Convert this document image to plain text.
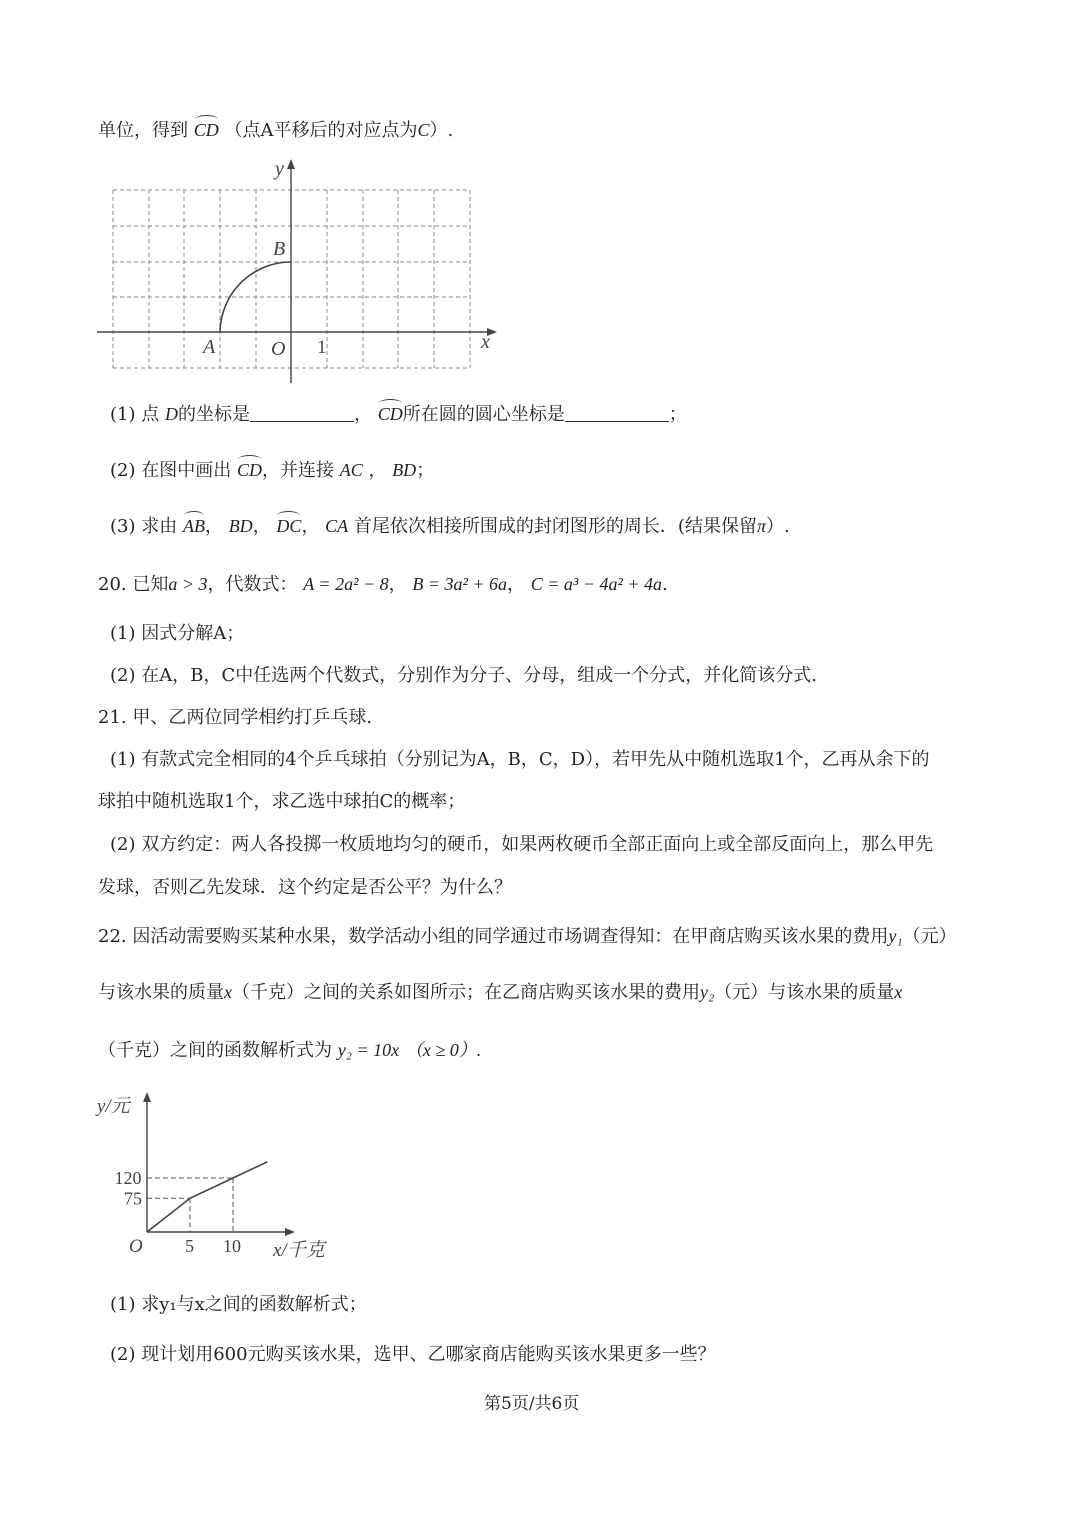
单位，得到 CD （点A平移后的对应点为C）.
y
x
B
A	O 1
(1) 点 D的坐标是	， CD所在圆的圆心坐标是	；
(2) 在图中画出 CD，并连接 AC ， BD；
(3) 求由 AB， BD， DC， CA 首尾依次相接所围成的封闭图形的周长．(结果保留π）.
20. 已知a > 3，代数式： A = 2a² − 8， B = 3a² + 6a， C = a³ − 4a² + 4a.
(1) 因式分解A；
(2) 在A，B，C中任选两个代数式，分别作为分子、分母，组成一个分式，并化简该分式.
21. 甲、乙两位同学相约打乒乓球.
(1) 有款式完全相同的4个乒乓球拍（分别记为A，B，C，D），若甲先从中随机选取1个，乙再从余下的
球拍中随机选取1个，求乙选中球拍C的概率；
(2) 双方约定：两人各投掷一枚质地均匀的硬币，如果两枚硬币全部正面向上或全部反面向上，那么甲先
发球，否则乙先发球．这个约定是否公平？为什么？
22. 因活动需要购买某种水果，数学活动小组的同学通过市场调查得知：在甲商店购买该水果的费用y₁（元）
与该水果的质量x（千克）之间的关系如图所示；在乙商店购买该水果的费用y₂（元）与该水果的质量x
（千克）之间的函数解析式为 y₂ = 10x （x ≥ 0）.
5
75
10
120
y/元
x/千克
O
(1) 求y₁与x之间的函数解析式；
(2) 现计划用600元购买该水果，选甲、乙哪家商店能购买该水果更多一些？
第5页/共6页
